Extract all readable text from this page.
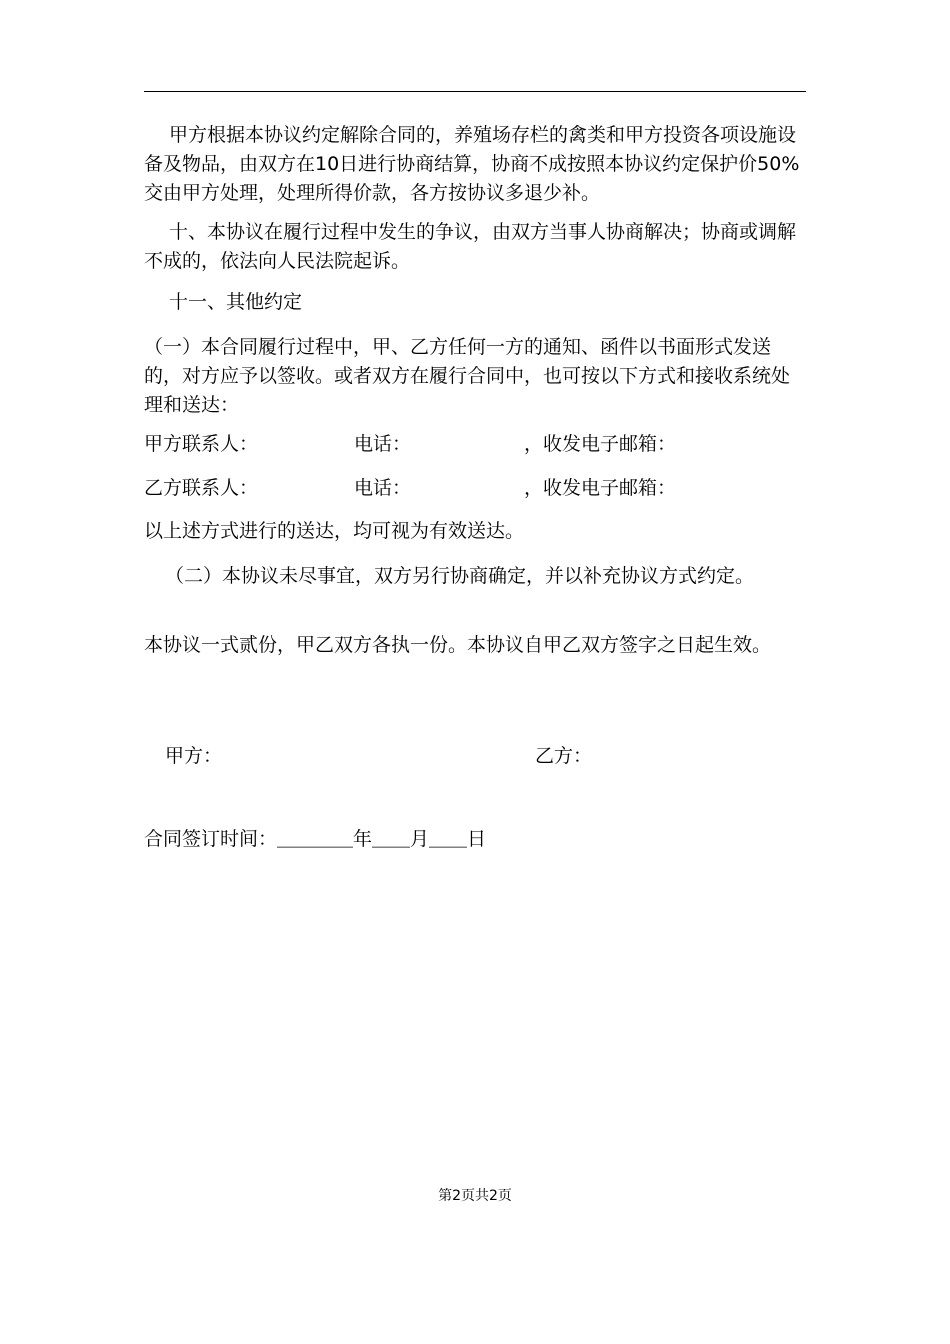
甲方根据本协议约定解除合同的，养殖场存栏的禽类和甲方投资各项设施设备及物品，由双方在10日进行协商结算，协商不成按照本协议约定保护价50%交由甲方处理，处理所得价款，各方按协议多退少补。

十、本协议在履行过程中发生的争议，由双方当事人协商解决；协商或调解不成的，依法向人民法院起诉。

十一、其他约定

（一）本合同履行过程中，甲、乙方任何一方的通知、函件以书面形式发送的，对方应予以签收。或者双方在履行合同中，也可按以下方式和接收系统处理和送达：

甲方联系人：	电话：	，收发电子邮箱：
乙方联系人：	电话：	，收发电子邮箱：
以上述方式进行的送达，均可视为有效送达。
（二）本协议未尽事宜，双方另行协商确定，并以补充协议方式约定。

本协议一式贰份，甲乙双方各执一份。本协议自甲乙双方签字之日起生效。

甲方：	乙方：
合同签订时间：＿＿＿＿年＿＿月＿＿日
第2页共2页
